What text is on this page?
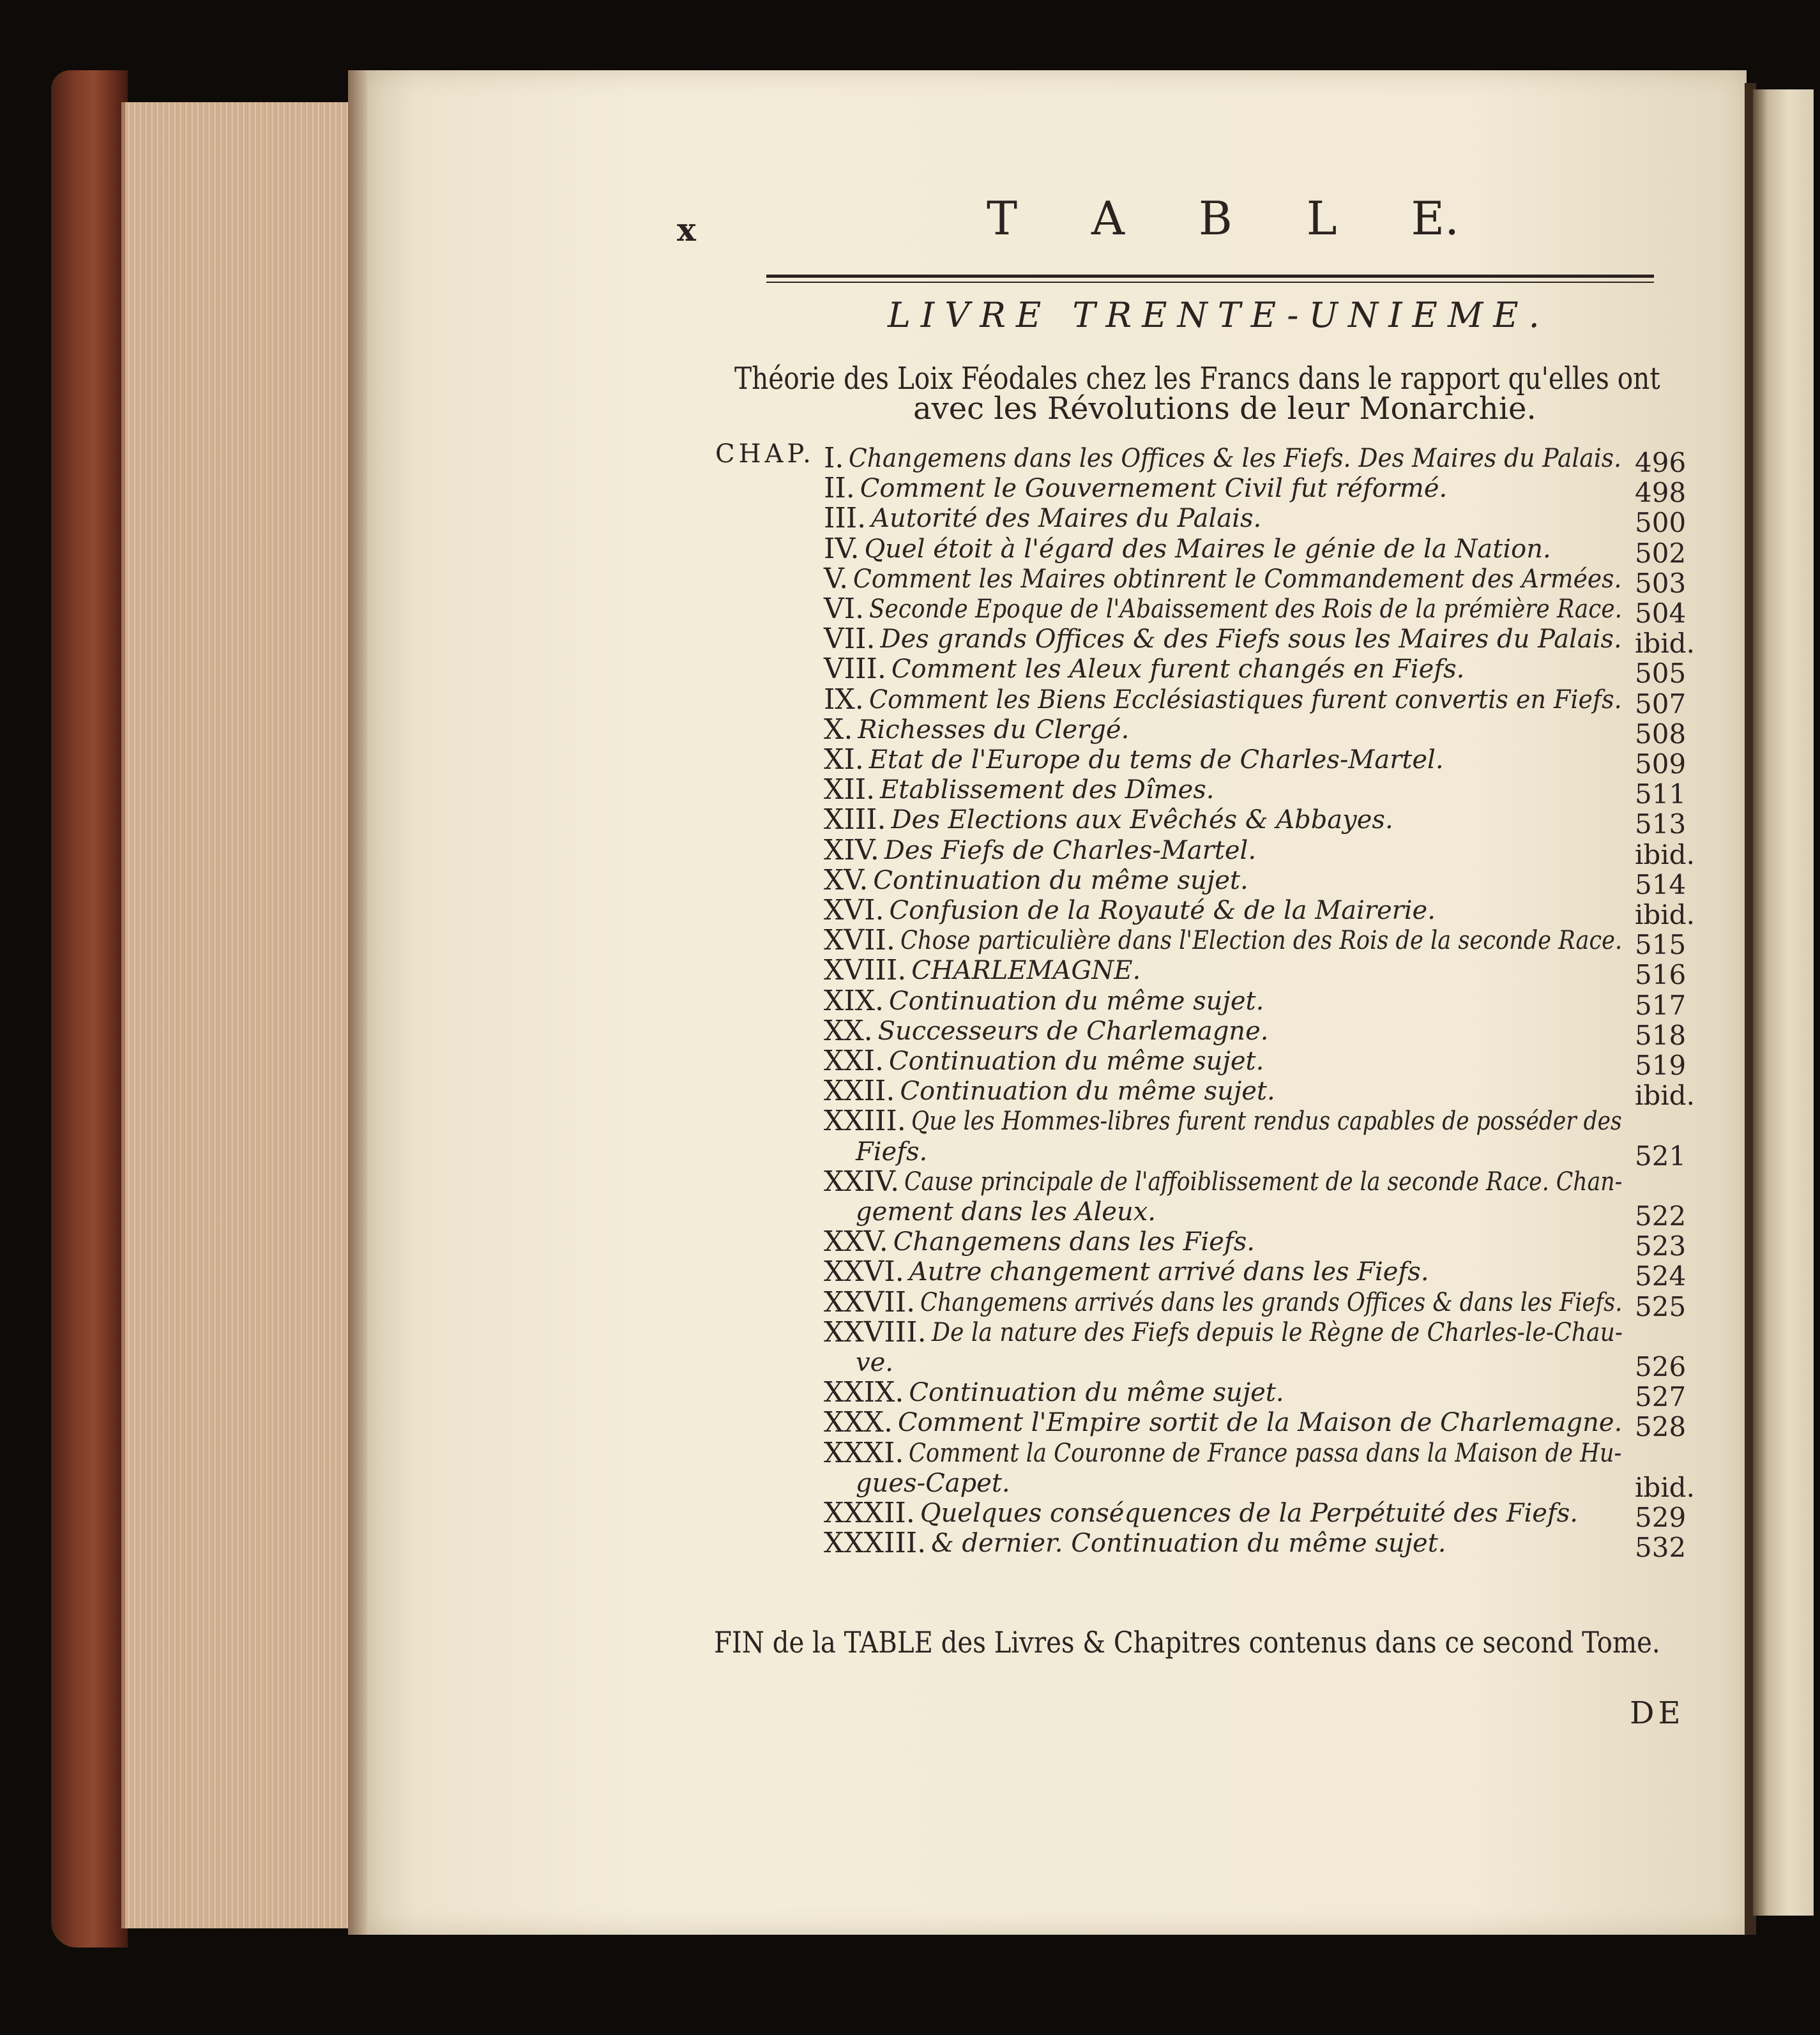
x	T A B L E.
LIVRE TRENTE-UNIEME.
Théorie des Loix Féodales chez les Francs dans le rapport qu'elles ont
avec les Révolutions de leur Monarchie.
CHAP. I. Changemens dans les Offices & les Fiefs. Des Maires du Palais. 496
II. Comment le Gouvernement Civil fut réformé.	498
III. Autorité des Maires du Palais.	500
IV. Quel étoit à l'égard des Maires le génie de la Nation.	502
V. Comment les Maires obtinrent le Commandement des Armées. 503
VI. Seconde Epoque de l'Abaissement des Rois de la prémière Race. 504
VII. Des grands Offices & des Fiefs sous les Maires du Palais. ibid.
VIII. Comment les Aleux furent changés en Fiefs.	505
IX. Comment les Biens Ecclésiastiques furent convertis en Fiefs. 507
X. Richesses du Clergé.	508
XI. Etat de l'Europe du tems de Charles-Martel.	509
XII. Etablissement des Dîmes.	511
XIII. Des Elections aux Evêchés & Abbayes.	513
XIV. Des Fiefs de Charles-Martel.	ibid.
XV. Continuation du même sujet.	514
XVI. Confusion de la Royauté & de la Mairerie.	ibid.
XVII. Chose particulière dans l'Election des Rois de la seconde Race. 515
XVIII. CHARLEMAGNE.	516
XIX. Continuation du même sujet.	517
XX. Successeurs de Charlemagne.	518
XXI. Continuation du même sujet.	519
XXII. Continuation du même sujet.	ibid.
XXIII. Que les Hommes-libres furent rendus capables de posséder des
Fiefs.	521
XXIV. Cause principale de l'affoiblissement de la seconde Race. Chan-
gement dans les Aleux.	522
XXV. Changemens dans les Fiefs.	523
XXVI. Autre changement arrivé dans les Fiefs.	524
XXVII. Changemens arrivés dans les grands Offices & dans les Fiefs. 525
XXVIII. De la nature des Fiefs depuis le Règne de Charles-le-Chau-
ve.	526
XXIX. Continuation du même sujet.	527
XXX. Comment l'Empire sortit de la Maison de Charlemagne. 528
XXXI. Comment la Couronne de France passa dans la Maison de Hu-
gues-Capet.	ibid.
XXXII. Quelques conséquences de la Perpétuité des Fiefs. 529
XXXIII. & dernier. Continuation du même sujet.	532
FIN de la TABLE des Livres & Chapitres contenus dans ce second Tome.
DE
